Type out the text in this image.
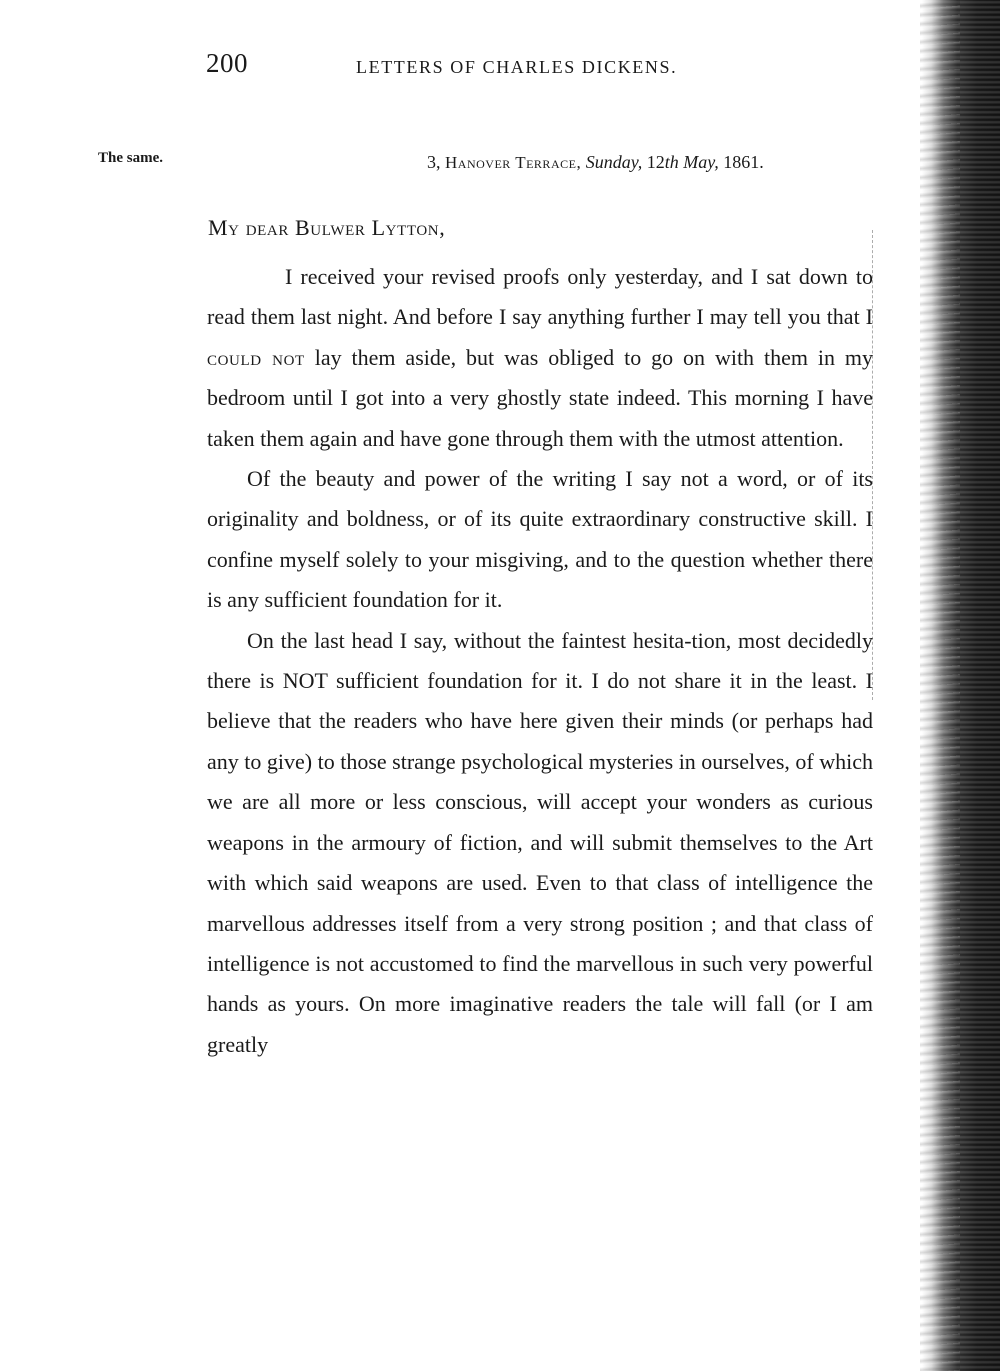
200	LETTERS OF CHARLES DICKENS.
The same.	3, Hanover Terrace, Sunday, 12th May, 1861.
My dear Bulwer Lytton,

I received your revised proofs only yesterday, and I sat down to read them last night. And before I say anything further I may tell you that I could not lay them aside, but was obliged to go on with them in my bedroom until I got into a very ghostly state indeed. This morning I have taken them again and have gone through them with the utmost attention.

Of the beauty and power of the writing I say not a word, or of its originality and boldness, or of its quite extraordinary constructive skill. I confine myself solely to your misgiving, and to the question whether there is any sufficient foundation for it.

On the last head I say, without the faintest hesita-tion, most decidedly there is NOT sufficient foundation for it. I do not share it in the least. I believe that the readers who have here given their minds (or perhaps had any to give) to those strange psychological mysteries in ourselves, of which we are all more or less conscious, will accept your wonders as curious weapons in the armoury of fiction, and will submit themselves to the Art with which said weapons are used. Even to that class of intelligence the marvellous addresses itself from a very strong position ; and that class of intelligence is not accustomed to find the marvellous in such very powerful hands as yours. On more imaginative readers the tale will fall (or I am greatly
